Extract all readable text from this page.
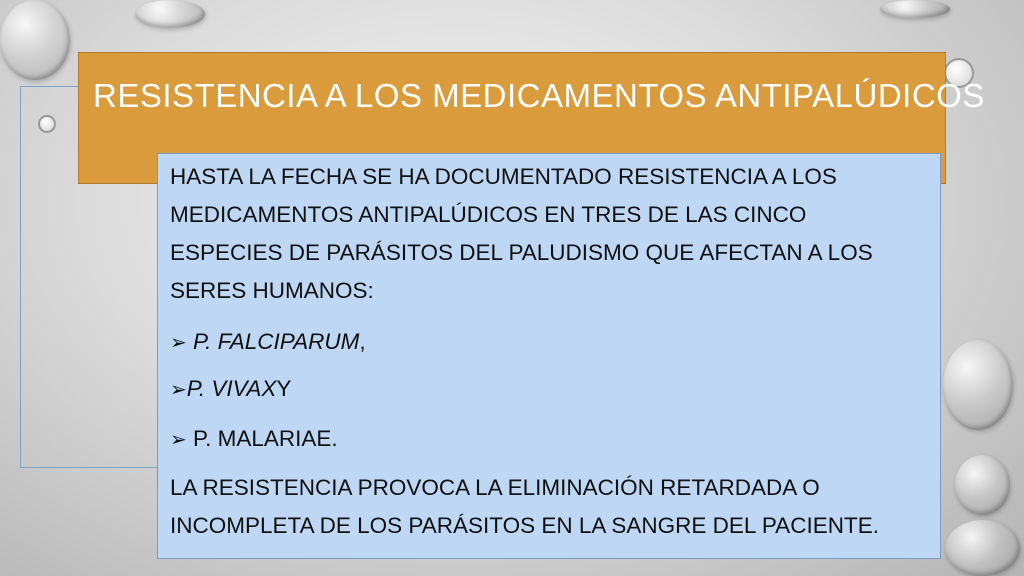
RESISTENCIA A LOS MEDICAMENTOS ANTIPALÚDICOS

HASTA LA FECHA SE HA DOCUMENTADO RESISTENCIA A LOS

MEDICAMENTOS ANTIPALÚDICOS EN TRES DE LAS CINCO

ESPECIES DE PARÁSITOS DEL PALUDISMO QUE AFECTAN A LOS

SERES HUMANOS:

➢ P. FALCIPARUM,

➢P. VIVAXY

➢ P. MALARIAE.

LA RESISTENCIA PROVOCA LA ELIMINACIÓN RETARDADA O

INCOMPLETA DE LOS PARÁSITOS EN LA SANGRE DEL PACIENTE.
